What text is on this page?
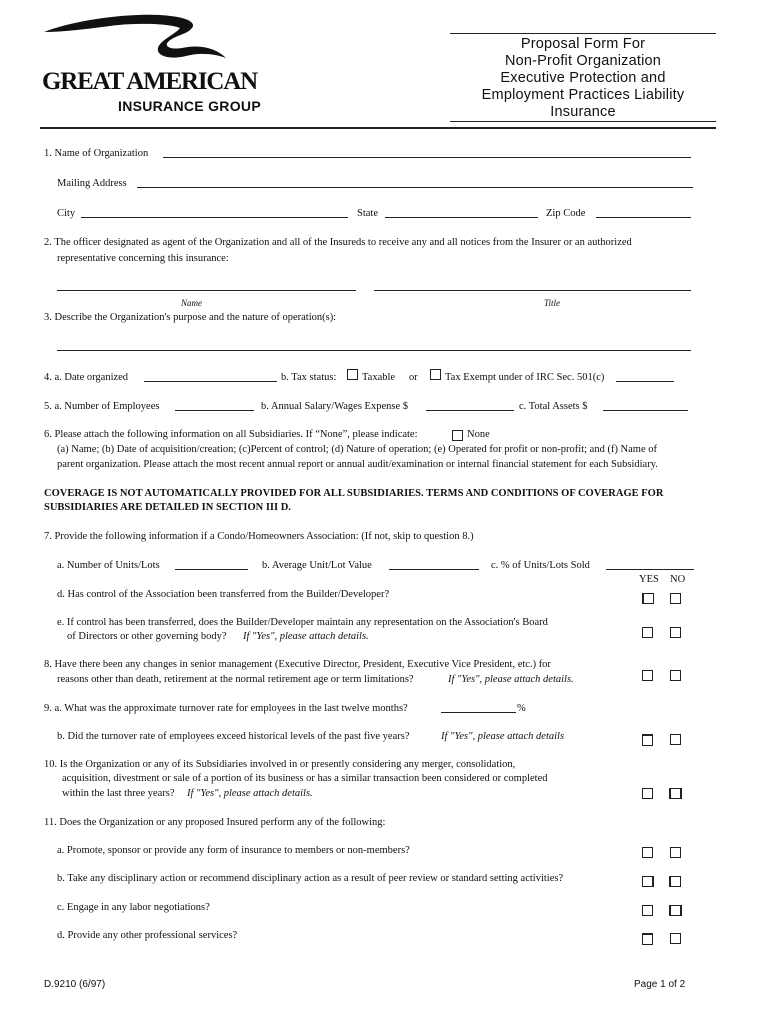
GREAT AMERICAN
INSURANCE GROUP
Proposal Form For
Non-Profit Organization
Executive Protection and
Employment Practices Liability
Insurance
1. Name of Organization
Mailing Address
City	State	Zip Code
2. The officer designated as agent of the Organization and all of the Insureds to receive any and all notices from the Insurer or an authorized
representative concerning this insurance:
Name	Title
3. Describe the Organization's purpose and the nature of operation(s):
4. a. Date organized	b. Tax status: Taxable or	Tax Exempt under of IRC Sec. 501(c)
5. a. Number of Employees	b. Annual Salary/Wages Expense $	c. Total Assets $
6. Please attach the following information on all Subsidiaries. If “None”, please indicate:	None
(a) Name; (b) Date of acquisition/creation; (c)Percent of control; (d) Nature of operation; (e) Operated for profit or non-profit; and (f) Name of
parent organization. Please attach the most recent annual report or annual audit/examination or internal financial statement for each Subsidiary.
COVERAGE IS NOT AUTOMATICALLY PROVIDED FOR ALL SUBSIDIARIES. TERMS AND CONDITIONS OF COVERAGE FOR
SUBSIDIARIES ARE DETAILED IN SECTION III D.
7. Provide the following information if a Condo/Homeowners Association: (If not, skip to question 8.)
a. Number of Units/Lots	b. Average Unit/Lot Value	c. % of Units/Lots Sold
YES NO
d. Has control of the Association been transferred from the Builder/Developer?
e. If control has been transferred, does the Builder/Developer maintain any representation on the Association's Board
of Directors or other governing body? If "Yes", please attach details.
8. Have there been any changes in senior management (Executive Director, President, Executive Vice President, etc.) for
reasons other than death, retirement at the normal retirement age or term limitations?	If "Yes", please attach details.
9. a. What was the approximate turnover rate for employees in the last twelve months?	%
b. Did the turnover rate of employees exceed historical levels of the past five years?	If "Yes", please attach details
10. Is the Organization or any of its Subsidiaries involved in or presently considering any merger, consolidation,
acquisition, divestment or sale of a portion of its business or has a similar transaction been considered or completed
within the last three years? If "Yes", please attach details.
11. Does the Organization or any proposed Insured perform any of the following:
a. Promote, sponsor or provide any form of insurance to members or non-members?
b. Take any disciplinary action or recommend disciplinary action as a result of peer review or standard setting activities?
c. Engage in any labor negotiations?
d. Provide any other professional services?
D.9210 (6/97)	Page 1 of 2
